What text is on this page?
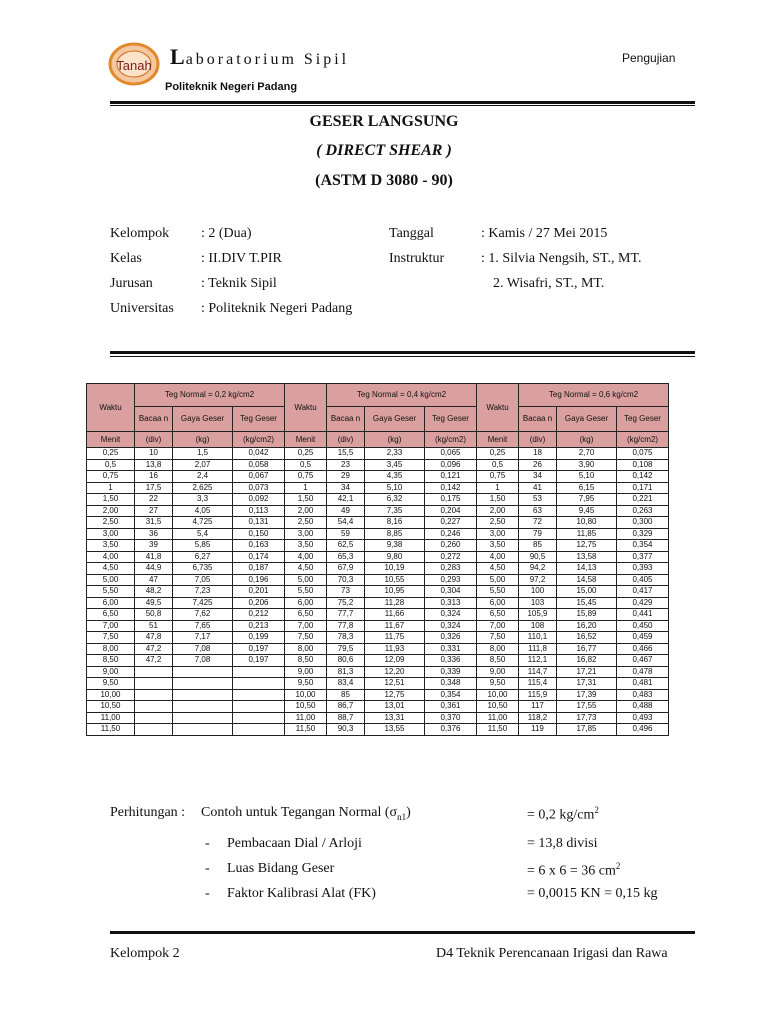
Tanah Laboratorium Sipil	Pengujian
Politeknik Negeri Padang
GESER LANGSUNG
( DIRECT SHEAR )
(ASTM D 3080 - 90)
Kelompok : 2 (Dua)
Kelas	: II.DIV T.PIR
Jurusan	: Teknik Sipil
Universitas : Politeknik Negeri Padang
Tanggal	: Kamis / 27 Mei 2015
Instruktur	: 1. Silvia Nengsih, ST., MT.
2. Wisafri, ST., MT.
Waktu	Teg Normal = 0,2 kg/cm2			Waktu	Teg Normal = 0,4 kg/cm2			Waktu	Teg Normal = 0,6 kg/cm2		
	Bacaa n	Gaya Geser	Teg Geser		Bacaa n	Gaya Geser	Teg Geser		Bacaa n	Gaya Geser	Teg Geser
Menit	(div)	(kg)	(kg/cm2)	Menit	(div)	(kg)	(kg/cm2)	Menit	(div)	(kg)	(kg/cm2)
0,25	10	1,5	0,042	0,25	15,5	2,33	0,065	0,25	18	2,70	0,075
0,5	13,8	2,07	0,058	0,5	23	3,45	0,096	0,5	26	3,90	0,108
0,75	16	2,4	0,067	0,75	29	4,35	0,121	0,75	34	5,10	0,142
1	17,5	2,625	0,073	1	34	5,10	0,142	1	41	6,15	0,171
1,50	22	3,3	0,092	1,50	42,1	6,32	0,175	1,50	53	7,95	0,221
2,00	27	4,05	0,113	2,00	49	7,35	0,204	2,00	63	9,45	0,263
2,50	31,5	4,725	0,131	2,50	54,4	8,16	0,227	2,50	72	10,80	0,300
3,00	36	5,4	0,150	3,00	59	8,85	0,246	3,00	79	11,85	0,329
3,50	39	5,85	0,163	3,50	62,5	9,38	0,260	3,50	85	12,75	0,354
4,00	41,8	6,27	0,174	4,00	65,3	9,80	0,272	4,00	90,5	13,58	0,377
4,50	44,9	6,735	0,187	4,50	67,9	10,19	0,283	4,50	94,2	14,13	0,393
5,00	47	7,05	0,196	5,00	70,3	10,55	0,293	5,00	97,2	14,58	0,405
5,50	48,2	7,23	0,201	5,50	73	10,95	0,304	5,50	100	15,00	0,417
6,00	49,5	7,425	0,206	6,00	75,2	11,28	0,313	6,00	103	15,45	0,429
6,50	50,8	7,62	0,212	6,50	77,7	11,66	0,324	6,50	105,9	15,89	0,441
7,00	51	7,65	0,213	7,00	77,8	11,67	0,324	7,00	108	16,20	0,450
7,50	47,8	7,17	0,199	7,50	78,3	11,75	0,326	7,50	110,1	16,52	0,459
8,00	47,2	7,08	0,197	8,00	79,5	11,93	0,331	8,00	111,8	16,77	0,466
8,50	47,2	7,08	0,197	8,50	80,6	12,09	0,336	8,50	112,1	16,82	0,467
9,00				9,00	81,3	12,20	0,339	9,00	114,7	17,21	0,478
9,50				9,50	83,4	12,51	0,348	9,50	115,4	17,31	0,481
10,00				10,00	85	12,75	0,354	10,00	115,9	17,39	0,483
10,50				10,50	86,7	13,01	0,361	10,50	117	17,55	0,488
11,00				11,00	88,7	13,31	0,370	11,00	118,2	17,73	0,493
11,50				11,50	90,3	13,55	0,376	11,50	119	17,85	0,496
Perhitungan : Contoh untuk Tegangan Normal $(\sigma_{n1})$	= 0,2 $kg/cm^2$
- Pembacaan Dial / Arloji	= 13,8 divisi
- Luas Bidang Geser	= 6 x 6 = 36 $cm^2$
- Faktor Kalibrasi Alat (FK)	= 0,0015 KN = 0,15 kg
Kelompok 2	D4 Teknik Perencanaan Irigasi dan Rawa
